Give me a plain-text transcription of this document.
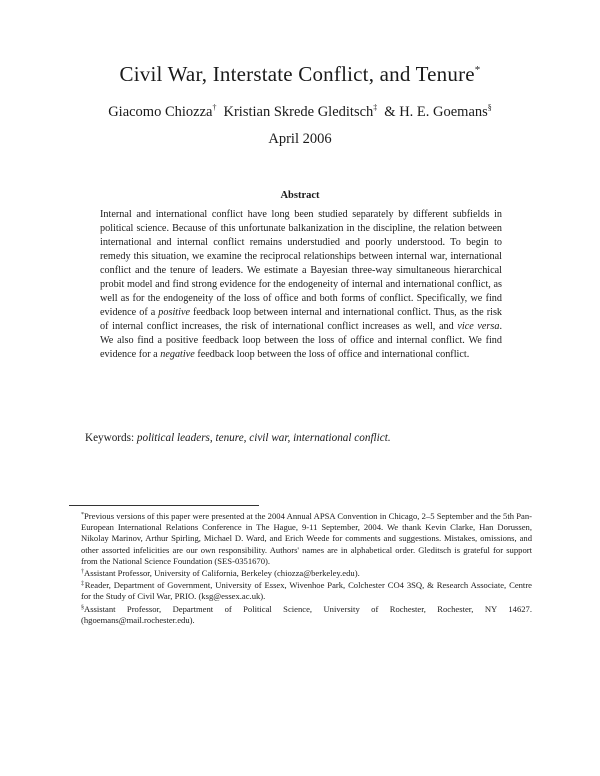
Civil War, Interstate Conflict, and Tenure*
Giacomo Chiozza† Kristian Skrede Gleditsch‡ & H. E. Goemans§
April 2006
Abstract
Internal and international conflict have long been studied separately by different subfields in political science. Because of this unfortunate balkanization in the discipline, the relation between international and internal conflict remains understudied and poorly understood. To begin to remedy this situation, we examine the reciprocal relationships between internal war, international conflict and the tenure of leaders. We estimate a Bayesian three-way simultaneous hierarchical probit model and find strong evidence for the endogeneity of internal and international conflict, as well as for the endogeneity of the loss of office and both forms of conflict. Specifically, we find evidence of a positive feedback loop between internal and international conflict. Thus, as the risk of internal conflict increases, the risk of international conflict increases as well, and vice versa. We also find a positive feedback loop between the loss of office and internal conflict. We find evidence for a negative feedback loop between the loss of office and international conflict.
Keywords: political leaders, tenure, civil war, international conflict.

*Previous versions of this paper were presented at the 2004 Annual APSA Convention in Chicago, 2–5 September and the 5th Pan-European International Relations Conference in The Hague, 9-11 September, 2004. We thank Kevin Clarke, Han Dorussen, Nikolay Marinov, Arthur Spirling, Michael D. Ward, and Erich Weede for comments and suggestions. Mistakes, omissions, and other assorted infelicities are our own responsibility. Authors' names are in alphabetical order. Gleditsch is grateful for support from the National Science Foundation (SES-0351670).

†Assistant Professor, University of California, Berkeley (chiozza@berkeley.edu).

‡Reader, Department of Government, University of Essex, Wivenhoe Park, Colchester CO4 3SQ, & Research Associate, Centre for the Study of Civil War, PRIO. (ksg@essex.ac.uk).

§Assistant Professor, Department of Political Science, University of Rochester, Rochester, NY 14627. (hgoemans@mail.rochester.edu).
